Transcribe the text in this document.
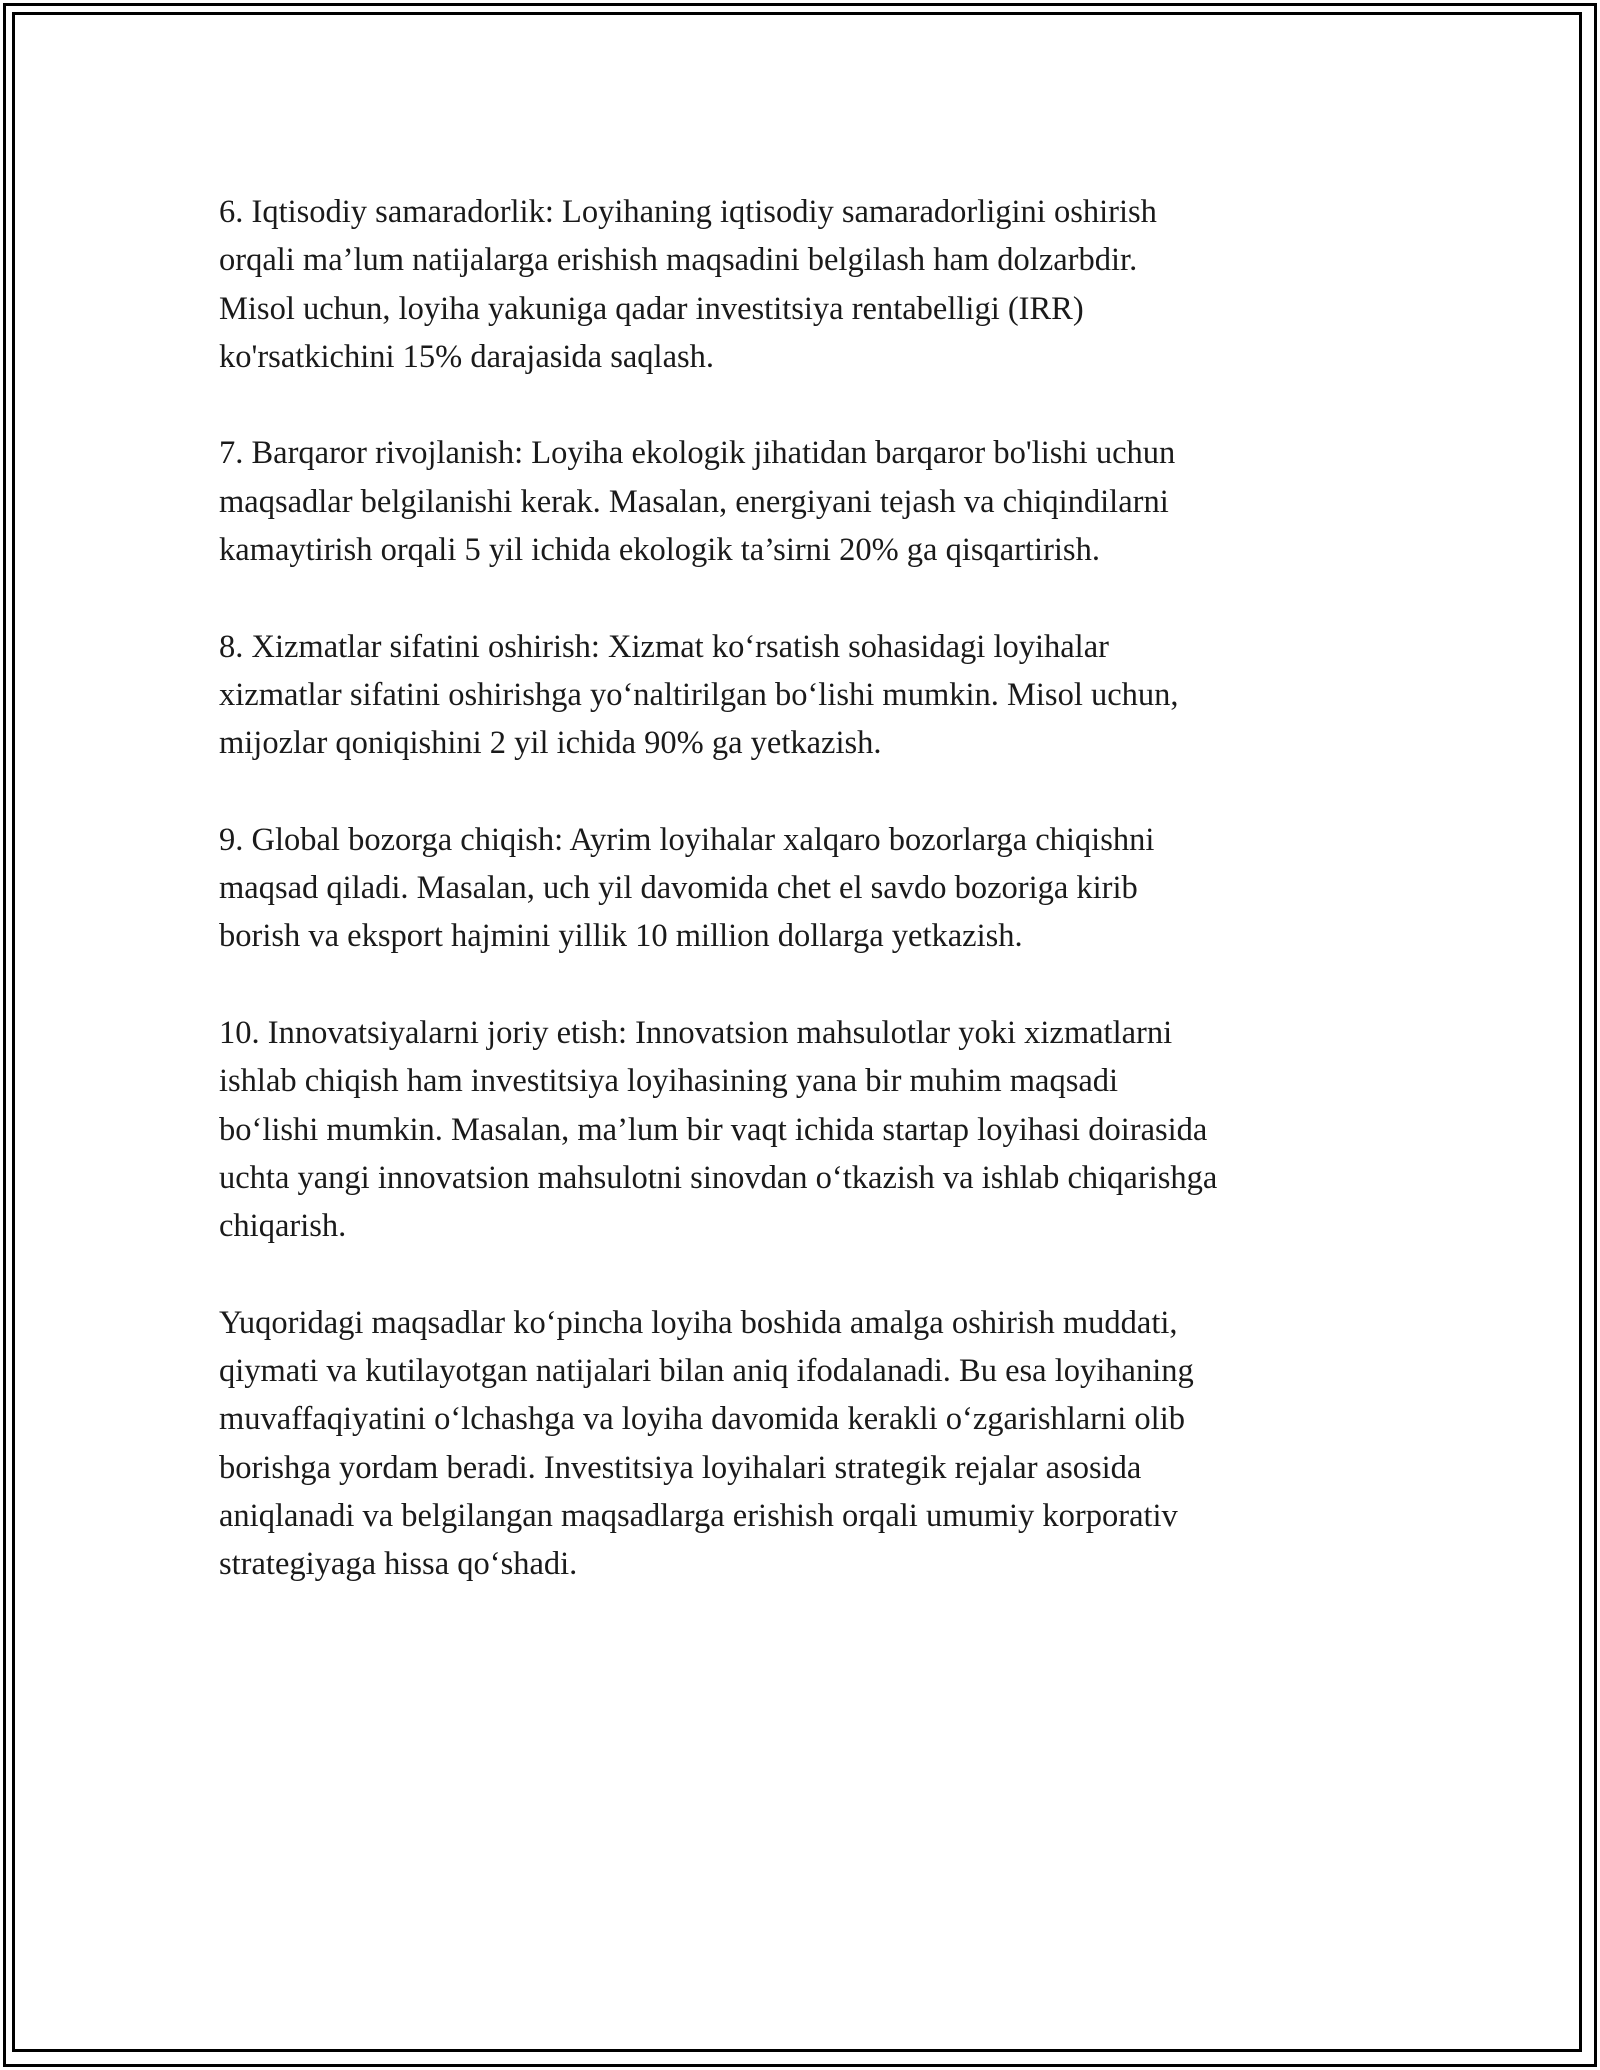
6. Iqtisodiy samaradorlik: Loyihaning iqtisodiy samaradorligini oshirish
orqali ma’lum natijalarga erishish maqsadini belgilash ham dolzarbdir.
Misol uchun, loyiha yakuniga qadar investitsiya rentabelligi (IRR)
ko'rsatkichini 15% darajasida saqlash.

7. Barqaror rivojlanish: Loyiha ekologik jihatidan barqaror bo'lishi uchun
maqsadlar belgilanishi kerak. Masalan, energiyani tejash va chiqindilarni
kamaytirish orqali 5 yil ichida ekologik ta’sirni 20% ga qisqartirish.

8. Xizmatlar sifatini oshirish: Xizmat ko‘rsatish sohasidagi loyihalar
xizmatlar sifatini oshirishga yo‘naltirilgan bo‘lishi mumkin. Misol uchun,
mijozlar qoniqishini 2 yil ichida 90% ga yetkazish.

9. Global bozorga chiqish: Ayrim loyihalar xalqaro bozorlarga chiqishni
maqsad qiladi. Masalan, uch yil davomida chet el savdo bozoriga kirib
borish va eksport hajmini yillik 10 million dollarga yetkazish.

10. Innovatsiyalarni joriy etish: Innovatsion mahsulotlar yoki xizmatlarni
ishlab chiqish ham investitsiya loyihasining yana bir muhim maqsadi
bo‘lishi mumkin. Masalan, ma’lum bir vaqt ichida startap loyihasi doirasida
uchta yangi innovatsion mahsulotni sinovdan o‘tkazish va ishlab chiqarishga
chiqarish.

Yuqoridagi maqsadlar ko‘pincha loyiha boshida amalga oshirish muddati,
qiymati va kutilayotgan natijalari bilan aniq ifodalanadi. Bu esa loyihaning
muvaffaqiyatini o‘lchashga va loyiha davomida kerakli o‘zgarishlarni olib
borishga yordam beradi. Investitsiya loyihalari strategik rejalar asosida
aniqlanadi va belgilangan maqsadlarga erishish orqali umumiy korporativ
strategiyaga hissa qo‘shadi.
